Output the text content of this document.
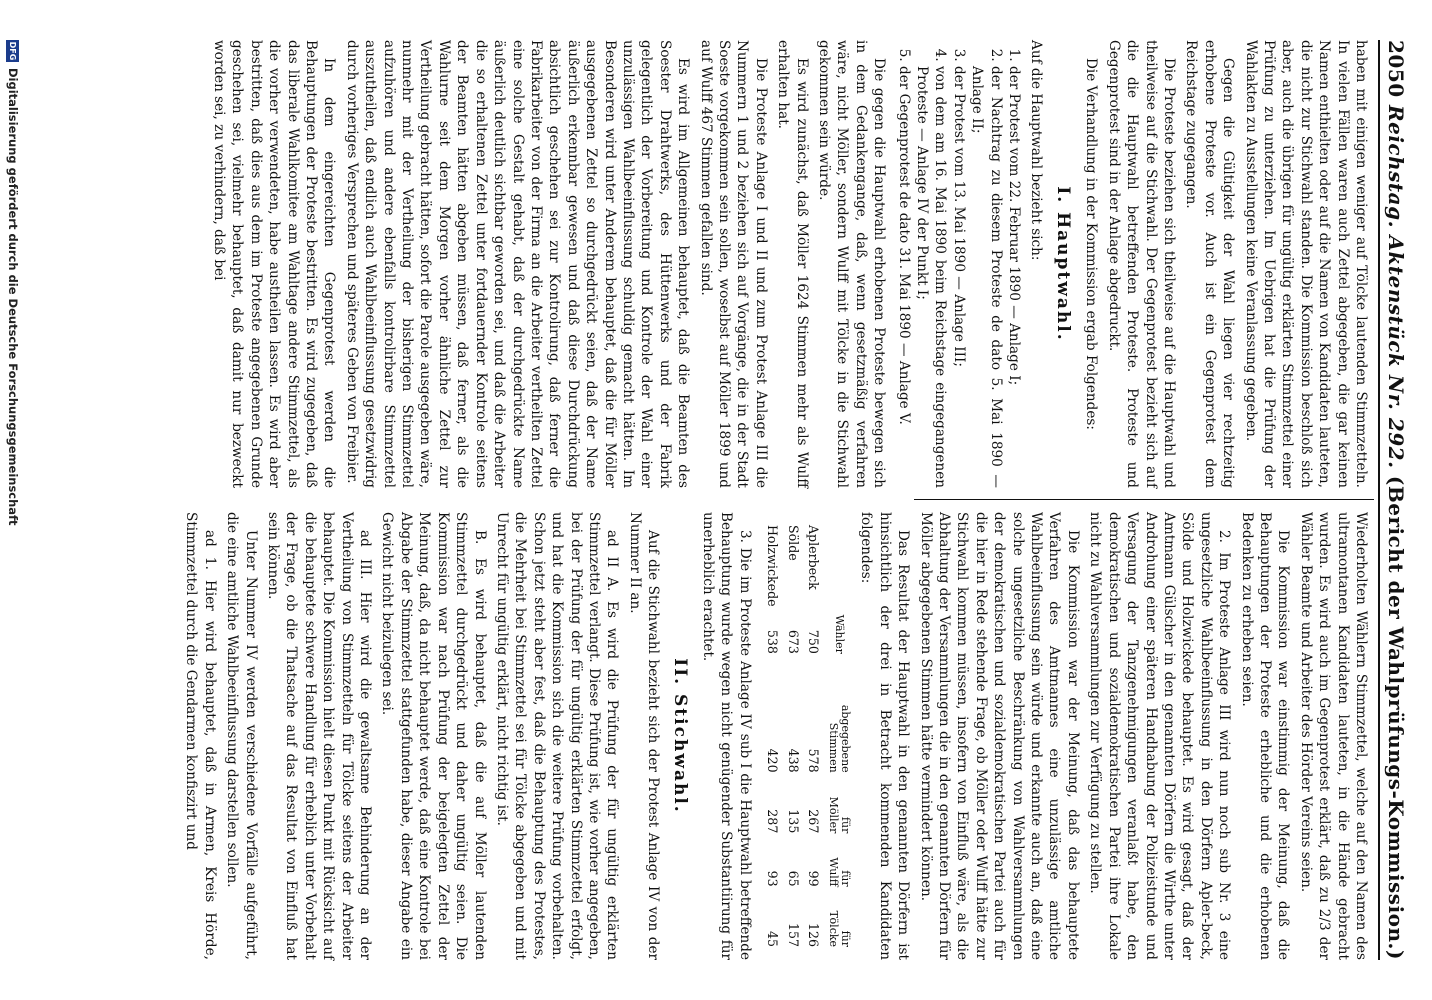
2050
Reichstag. Aktenstück Nr. 292.
(Bericht der Wahlprüfungs-Kommission.)

haben mit einigen weniger auf Tölcke lautenden Stimmzetteln. In vielen Fällen waren auch Zettel abgegeben, die gar keinen Namen enthielten oder auf die Namen von Kandidaten lauteten, die nicht zur Stichwahl standen. Die Kommission beschloß sich aber, auch die übrigen für ungültig erklärten Stimmzettel einer Prüfung zu unterziehen. Im Uebrigen hat die Prüfung der Wahlakten zu Ausstellungen keine Veranlassung gegeben.

Gegen die Gültigkeit der Wahl liegen vier rechtzeitig erhobene Proteste vor. Auch ist ein Gegenprotest dem Reichstage zugegangen.

Die Proteste beziehen sich theilweise auf die Hauptwahl und theilweise auf die Stichwahl. Der Gegenprotest bezieht sich auf die die Hauptwahl betreffenden Proteste. Proteste und Gegenprotest sind in der Anlage abgedruckt.

Die Verhandlung in der Kommission ergab Folgendes:

I. Hauptwahl.

Auf die Hauptwahl bezieht sich:

1. der Protest vom 22. Februar 1890 — Anlage I;
2. der Nachtrag zu diesem Proteste de dato 5. Mai 1890 — Anlage II;
3. der Protest vom 13. Mai 1890 — Anlage III;
4. von dem am 16. Mai 1890 beim Reichstage eingegangenen Proteste — Anlage IV der Punkt I;
5. der Gegenprotest de dato 31. Mai 1890 — Anlage V.

Die gegen die Hauptwahl erhobenen Proteste bewegen sich in dem Gedankengange, daß, wenn gesetzmäßig verfahren wäre, nicht Möller, sondern Wulff mit Tölcke in die Stichwahl gekommen sein würde.

Es wird zunächst, daß Möller 1624 Stimmen mehr als Wulff erhalten hat.

Die Proteste Anlage I und II und zum Protest Anlage III die Nummern 1 und 2 beziehen sich auf Vorgänge, die in der Stadt Soeste vorgekommen sein sollen, woselbst auf Möller 1899 und auf Wulff 467 Stimmen gefallen sind.

Es wird im Allgemeinen behauptet, daß die Beamten des Soester Drahtwerks, des Hüttenwerks und der Fabrik gelegentlich der Vorbereitung und Kontrole der Wahl einer unzulässigen Wahlbeeinflussung schuldig gemacht hätten. Im Besonderen wird unter Anderem behauptet, daß die für Möller ausgegebenen Zettel so durchgedrückt seien, daß der Name äußerlich erkennbar gewesen und daß diese Durchdrückung absichtlich geschehen sei zur Kontrolirung, daß ferner die Fabrikarbeiter von der Firma an die Arbeiter vertheilten Zettel eine solche Gestalt gehabt, daß der durchgedrückte Name äußerlich deutlich sichtbar geworden sei, und daß die Arbeiter die so erhaltenen Zettel unter fortdauernder Kontrole seitens der Beamten hätten abgeben müssen, daß ferner, als die Wahlurne seit dem Morgen vorher ähnliche Zettel zur Vertheilung gebracht hätten, sofort die Parole ausgegeben wäre, nunmehr mit der Vertheilung der bisherigen Stimmzettel aufzuhören und andere ebenfalls kontrolirbare Stimmzettel auszutheilen, daß endlich auch Wahlbeeinflussung gesetzwidrig durch vorheriges Versprechen und späteres Geben von Freibier.

In dem eingereichten Gegenprotest werden die Behauptungen der Proteste bestritten. Es wird zugegeben, daß das liberale Wahlkomitee am Wahltage andere Stimmzettel, als die vorher verwendeten, habe austheilen lassen. Es wird aber bestritten, daß dies aus dem im Proteste angegebenen Grunde geschehen sei, vielmehr behauptet, daß damit nur bezweckt worden sei, zu verhindern, daß bei

Wiederholten Wählern Stimmzettel, welche auf den Namen des ultramontanen Kandidaten lauteten, in die Hände gebracht wurden. Es wird auch im Gegenprotest erklärt, daß zu 2/3 der Wähler Beamte und Arbeiter des Hörder Vereins seien.

Die Kommission war einstimmig der Meinung, daß die Behauptungen der Proteste erhebliche und die erhobenen Bedenken zu erheben seien.

2. Im Proteste Anlage III wird nun noch sub Nr. 3 eine ungesetzliche Wahlbeeinflussung in den Dörfern Apler-beck, Sölde und Holzwickede behauptet. Es wird gesagt, daß der Amtmann Gülscher in den genannten Dörfern die Wirthe unter Androhung einer späteren Handhabung der Polizeistunde und Versagung der Tanzgenehmigungen veranlaßt habe, den demokratischen und sozialdemokratischen Partei ihre Lokale nicht zu Wahlversammlungen zur Verfügung zu stellen.

Die Kommission war der Meinung, daß das behauptete Verfahren des Amtmannes eine unzulässige amtliche Wahlbeeinflussung sein würde und erkannte auch an, daß eine solche ungesetzliche Beschränkung von Wahlversammlungen der demokratischen und sozialdemokratischen Partei auch für die hier in Rede stehende Frage, ob Möller oder Wulff hätte zur Stichwahl kommen müssen, insofern von Einfluß wäre, als die Abhaltung der Versammlungen die in den genannten Dörfern für Möller abgegebenen Stimmen hätte vermindert können.

Das Resultat der Hauptwahl in den genannten Dörfern ist hinsichtlich der drei in Betracht kommenden Kandidaten folgendes:

	Wähler	abgegebene Stimmen	für Möller	für Wulff	für Tölcke
Aplerbeck	750	578	267	99	126
Sölde	673	438	135	65	157
Holzwickede	538	420	287	93	45

3. Die im Proteste Anlage IV sub I die Hauptwahl betreffende Behauptung wurde wegen nicht genügender Substantiirung für unerheblich erachtet.

II. Stichwahl.

Auf die Stichwahl bezieht sich der Protest Anlage IV von der Nummer II an.

ad II A. Es wird die Prüfung der für ungültig erklärten Stimmzettel verlangt. Diese Prüfung ist, wie vorher angegeben, bei der Prüfung der für ungültig erklärten Stimmzettel erfolgt, und hat die Kommission sich die weitere Prüfung vorbehalten. Schon jetzt steht aber fest, daß die Behauptung des Protestes, die Mehrheit bei Stimmzettel sei für Tölcke abgegeben und mit Unrecht für ungültig erklärt, nicht richtig ist.

B. Es wird behauptet, daß die auf Möller lautenden Stimmzettel durchgedrückt und daher ungültig seien. Die Kommission war nach Prüfung der beigelegten Zettel der Meinung, daß, da nicht behauptet werde, daß eine Kontrole bei Abgabe der Stimmzettel stattgefunden habe, dieser Angabe ein Gewicht nicht beizulegen sei.

ad III. Hier wird die gewaltsame Behinderung an der Vertheilung von Stimmzetteln für Tölcke seitens der Arbeiter behauptet. Die Kommission hielt diesen Punkt mit Rücksicht auf die behauptete schwere Handlung für erheblich unter Vorbehalt der Frage, ob die Thatsache auf das Resultat von Einfluß hat sein können.

Unter Nummer IV werden verschiedene Vorfälle aufgeführt, die eine amtliche Wahlbeeinflussung darstellen sollen.

ad 1. Hier wird behauptet, daß in Armen, Kreis Hörde, Stimmzettel durch die Gendarmen konfiszirt und

DFG
Digitalisierung gefördert durch die Deutsche Forschungsgemeinschaft
